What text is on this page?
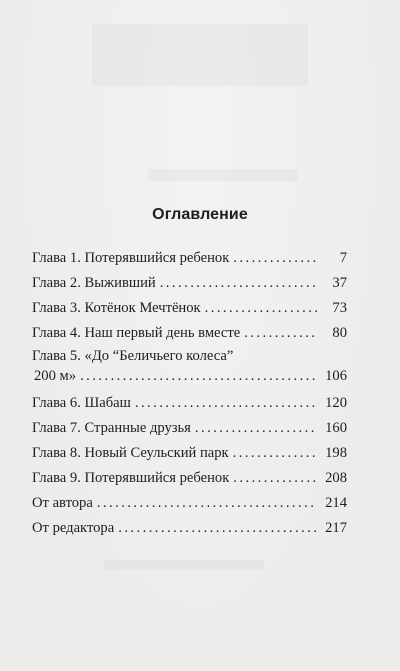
Оглавление
Глава 1. Потерявшийся ребенок . . .	7
Глава 2. Выживший . . .	37
Глава 3. Котёнок Мечтёнок . . .	73
Глава 4. Наш первый день вместе . . .	80
Глава 5. «До “Беличьего колеса”
200 м» . . .	106
Глава 6. Шабаш . . .	120
Глава 7. Странные друзья . . .	160
Глава 8. Новый Сеульский парк . . .	198
Глава 9. Потерявшийся ребенок . . .	208
От автора . . .	214
От редактора . . .	217
